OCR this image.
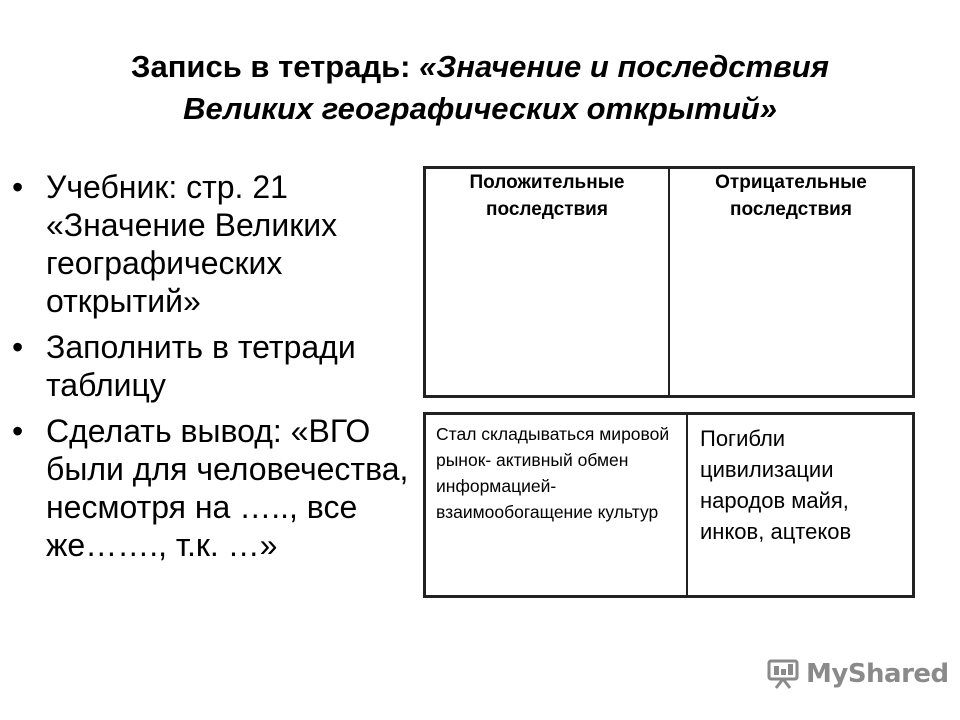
Запись в тетрадь: «Значение и последствия
Великих географических открытий»
• Учебник: стр. 21 «Значение Великих географических открытий»
• Заполнить в тетради таблицу
• Сделать вывод: «ВГО были для человечества, несмотря на ….., все же……., т.к. …»
Положительные последствия	Отрицательные последствия
Стал складываться мировой рынок- активный обмен информацией- взаимообогащение культур	Погибли цивилизации народов майя, инков, ацтеков
MyShared
